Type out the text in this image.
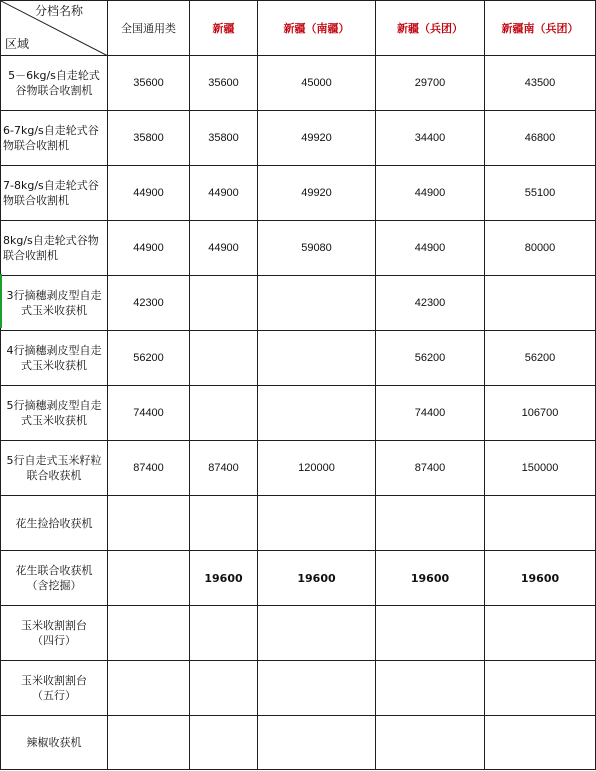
分档名称
区域	全国通用类	新疆	新疆（南疆）	新疆（兵团）	新疆南（兵团）

5－6kg/s自走轮式
谷物联合收割机	35600	35600	45000	29700	43500

6-7kg/s自走轮式谷
物联合收割机	35800	35800	49920	34400	46800

7-8kg/s自走轮式谷
物联合收割机	44900	44900	49920	44900	55100

8kg/s自走轮式谷物
联合收割机	44900	44900	59080	44900	80000

3行摘穗剥皮型自走
式玉米收获机	42300			42300	

4行摘穗剥皮型自走
式玉米收获机	56200			56200	56200

5行摘穗剥皮型自走
式玉米收获机	74400			74400	106700

5行自走式玉米籽粒
联合收获机	87400	87400	120000	87400	150000

花生捡拾收获机					

花生联合收获机
（含挖掘）		19600	19600	19600	19600

玉米收割割台
（四行）					

玉米收割割台
（五行）					

辣椒收获机					
